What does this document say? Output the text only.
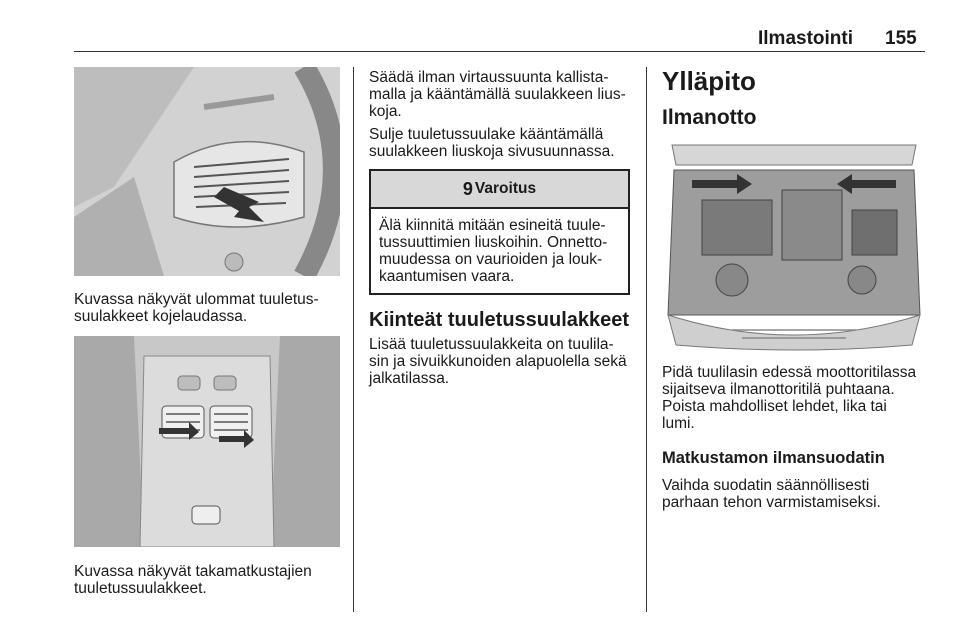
Ilmastointi 155
Kuvassa näkyvät ulommat tuuletus-
suulakkeet kojelaudassa.
Kuvassa näkyvät takamatkustajien
tuuletussuulakkeet.
Säädä ilman virtaussuunta kallista-
malla ja kääntämällä suulakkeen lius-
koja.
Sulje tuuletussuulake kääntämällä
suulakkeen liuskoja sivusuunnassa.
9 Varoitus
Älä kiinnitä mitään esineitä tuule-
tussuuttimien liuskoihin. Onnetto-
muudessa on vaurioiden ja louk-
kaantumisen vaara.
Kiinteät tuuletussuulakkeet
Lisää tuuletussuulakkeita on tuulila-
sin ja sivuikkunoiden alapuolella sekä
jalkatilassa.
Ylläpito
Ilmanotto
Pidä tuulilasin edessä moottoritilassa
sijaitseva ilmanottoritilä puhtaana.
Poista mahdolliset lehdet, lika tai
lumi.
Matkustamon ilmansuodatin
Vaihda suodatin säännöllisesti
parhaan tehon varmistamiseksi.
